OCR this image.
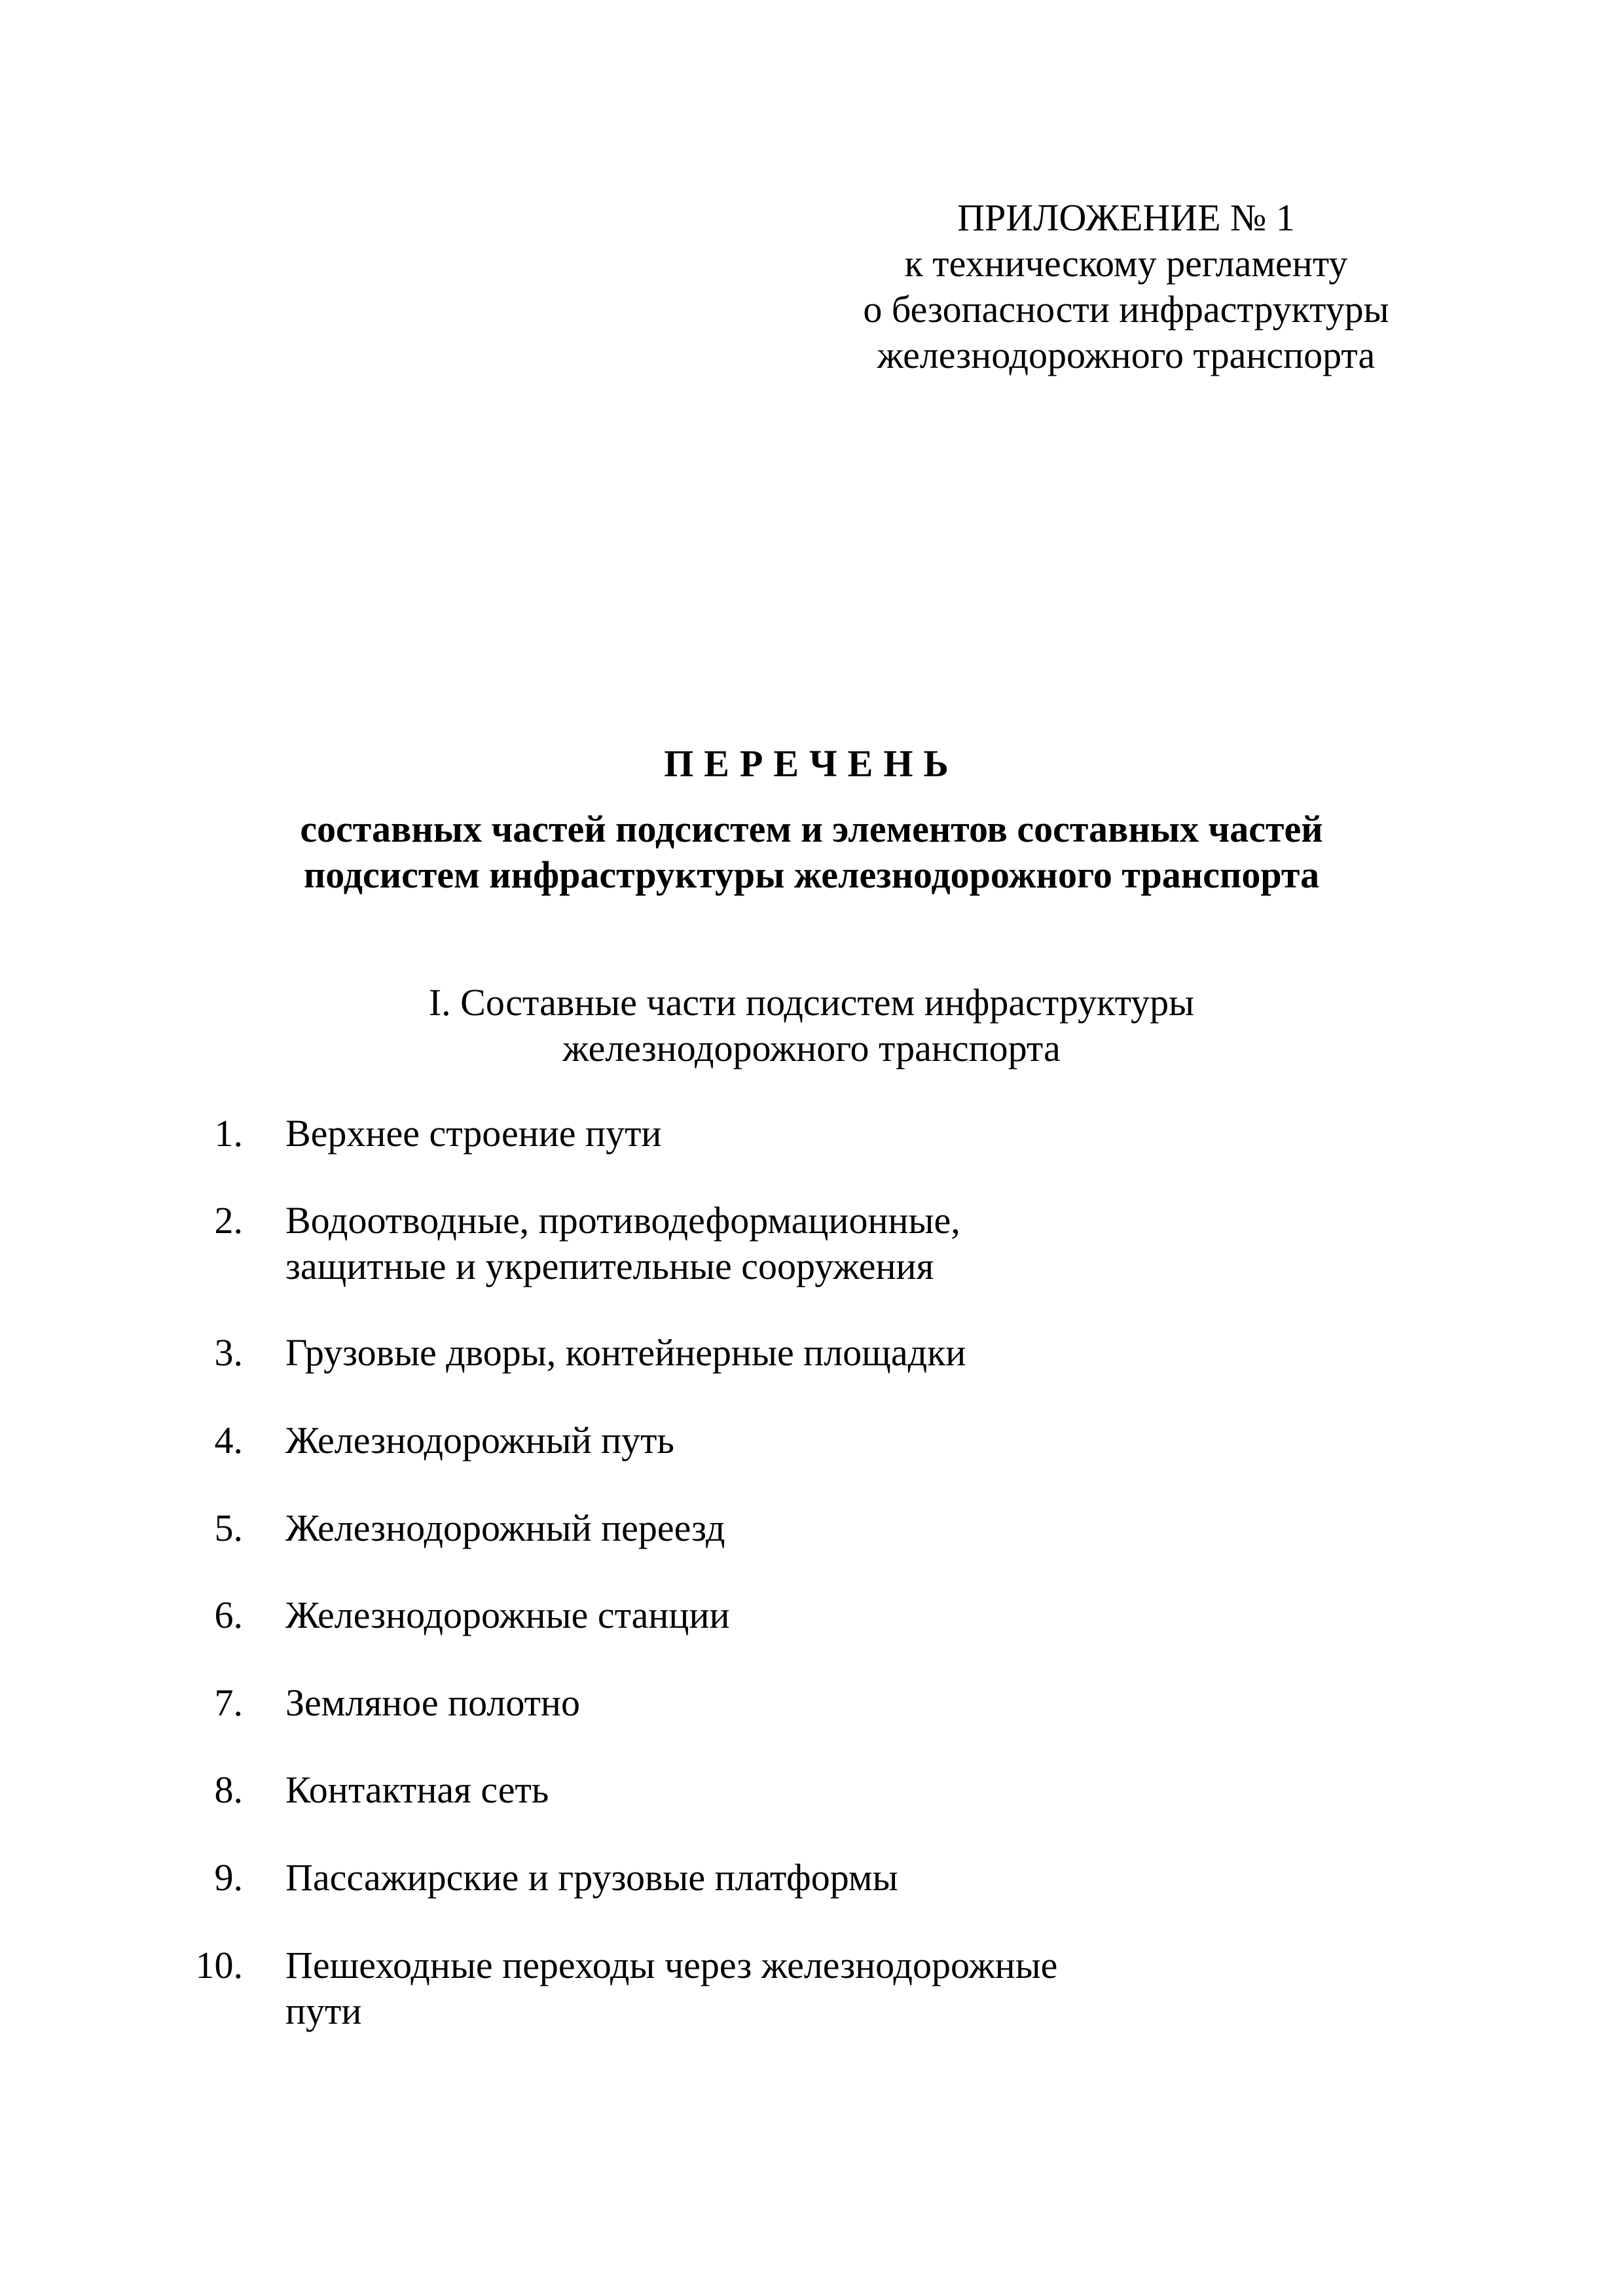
ПРИЛОЖЕНИЕ № 1
к техническому регламенту
о безопасности инфраструктуры
железнодорожного транспорта
ПЕРЕЧЕНЬ
составных частей подсистем и элементов составных частей
подсистем инфраструктуры железнодорожного транспорта
I. Составные части подсистем инфраструктуры
железнодорожного транспорта
1. Верхнее строение пути
2. Водоотводные, противодеформационные,
защитные и укрепительные сооружения
3. Грузовые дворы, контейнерные площадки
4. Железнодорожный путь
5. Железнодорожный переезд
6. Железнодорожные станции
7. Земляное полотно
8. Контактная сеть
9. Пассажирские и грузовые платформы
10. Пешеходные переходы через железнодорожные
пути
